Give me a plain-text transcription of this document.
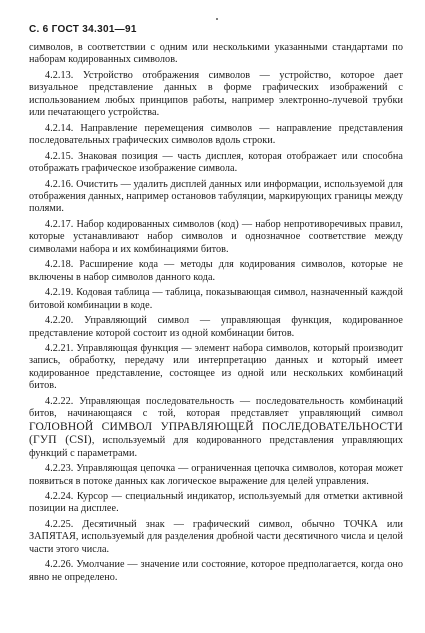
С. 6 ГОСТ 34.301—91

символов, в соответствии с одним или несколькими указанными стандартами по наборам кодированных символов.

4.2.13. Устройство отображения символов — устройство, которое дает визуальное представление данных в форме графических изображений с использованием любых принципов работы, например электронно-лучевой трубки или печатающего устройства.

4.2.14. Направление перемещения символов — направление представления последовательных графических символов вдоль строки.

4.2.15. Знаковая позиция — часть дисплея, которая отображает или способна отображать графическое изображение символа.

4.2.16. Очистить — удалить дисплей данных или информации, используемой для отображения данных, например остановов табуляции, маркирующих границы между полями.

4.2.17. Набор кодированных символов (код) — набор непротиворечивых правил, которые устанавливают набор символов и однозначное соответствие между символами набора и их комбинациями битов.

4.2.18. Расширение кода — методы для кодирования символов, которые не включены в набор символов данного кода.

4.2.19. Кодовая таблица — таблица, показывающая символ, назначенный каждой битовой комбинации в коде.

4.2.20. Управляющий символ — управляющая функция, кодированное представление которой состоит из одной комбинации битов.

4.2.21. Управляющая функция — элемент набора символов, который производит запись, обработку, передачу или интерпретацию данных и который имеет кодированное представление, состоящее из одной или нескольких комбинаций битов.

4.2.22. Управляющая последовательность — последовательность комбинаций битов, начинающаяся с той, которая представляет управляющий символ ГОЛОВНОЙ СИМВОЛ УПРАВЛЯЮЩЕЙ ПОСЛЕДОВАТЕЛЬНОСТИ (ГУП (CSI), используемый для кодированного представления управляющих функций с параметрами.

4.2.23. Управляющая цепочка — ограниченная цепочка символов, которая может появиться в потоке данных как логическое выражение для целей управления.

4.2.24. Курсор — специальный индикатор, используемый для отметки активной позиции на дисплее.

4.2.25. Десятичный знак — графический символ, обычно ТОЧКА или ЗАПЯТАЯ, используемый для разделения дробной части десятичного числа и целой части этого числа.

4.2.26. Умолчание — значение или состояние, которое предполагается, когда оно явно не определено.
